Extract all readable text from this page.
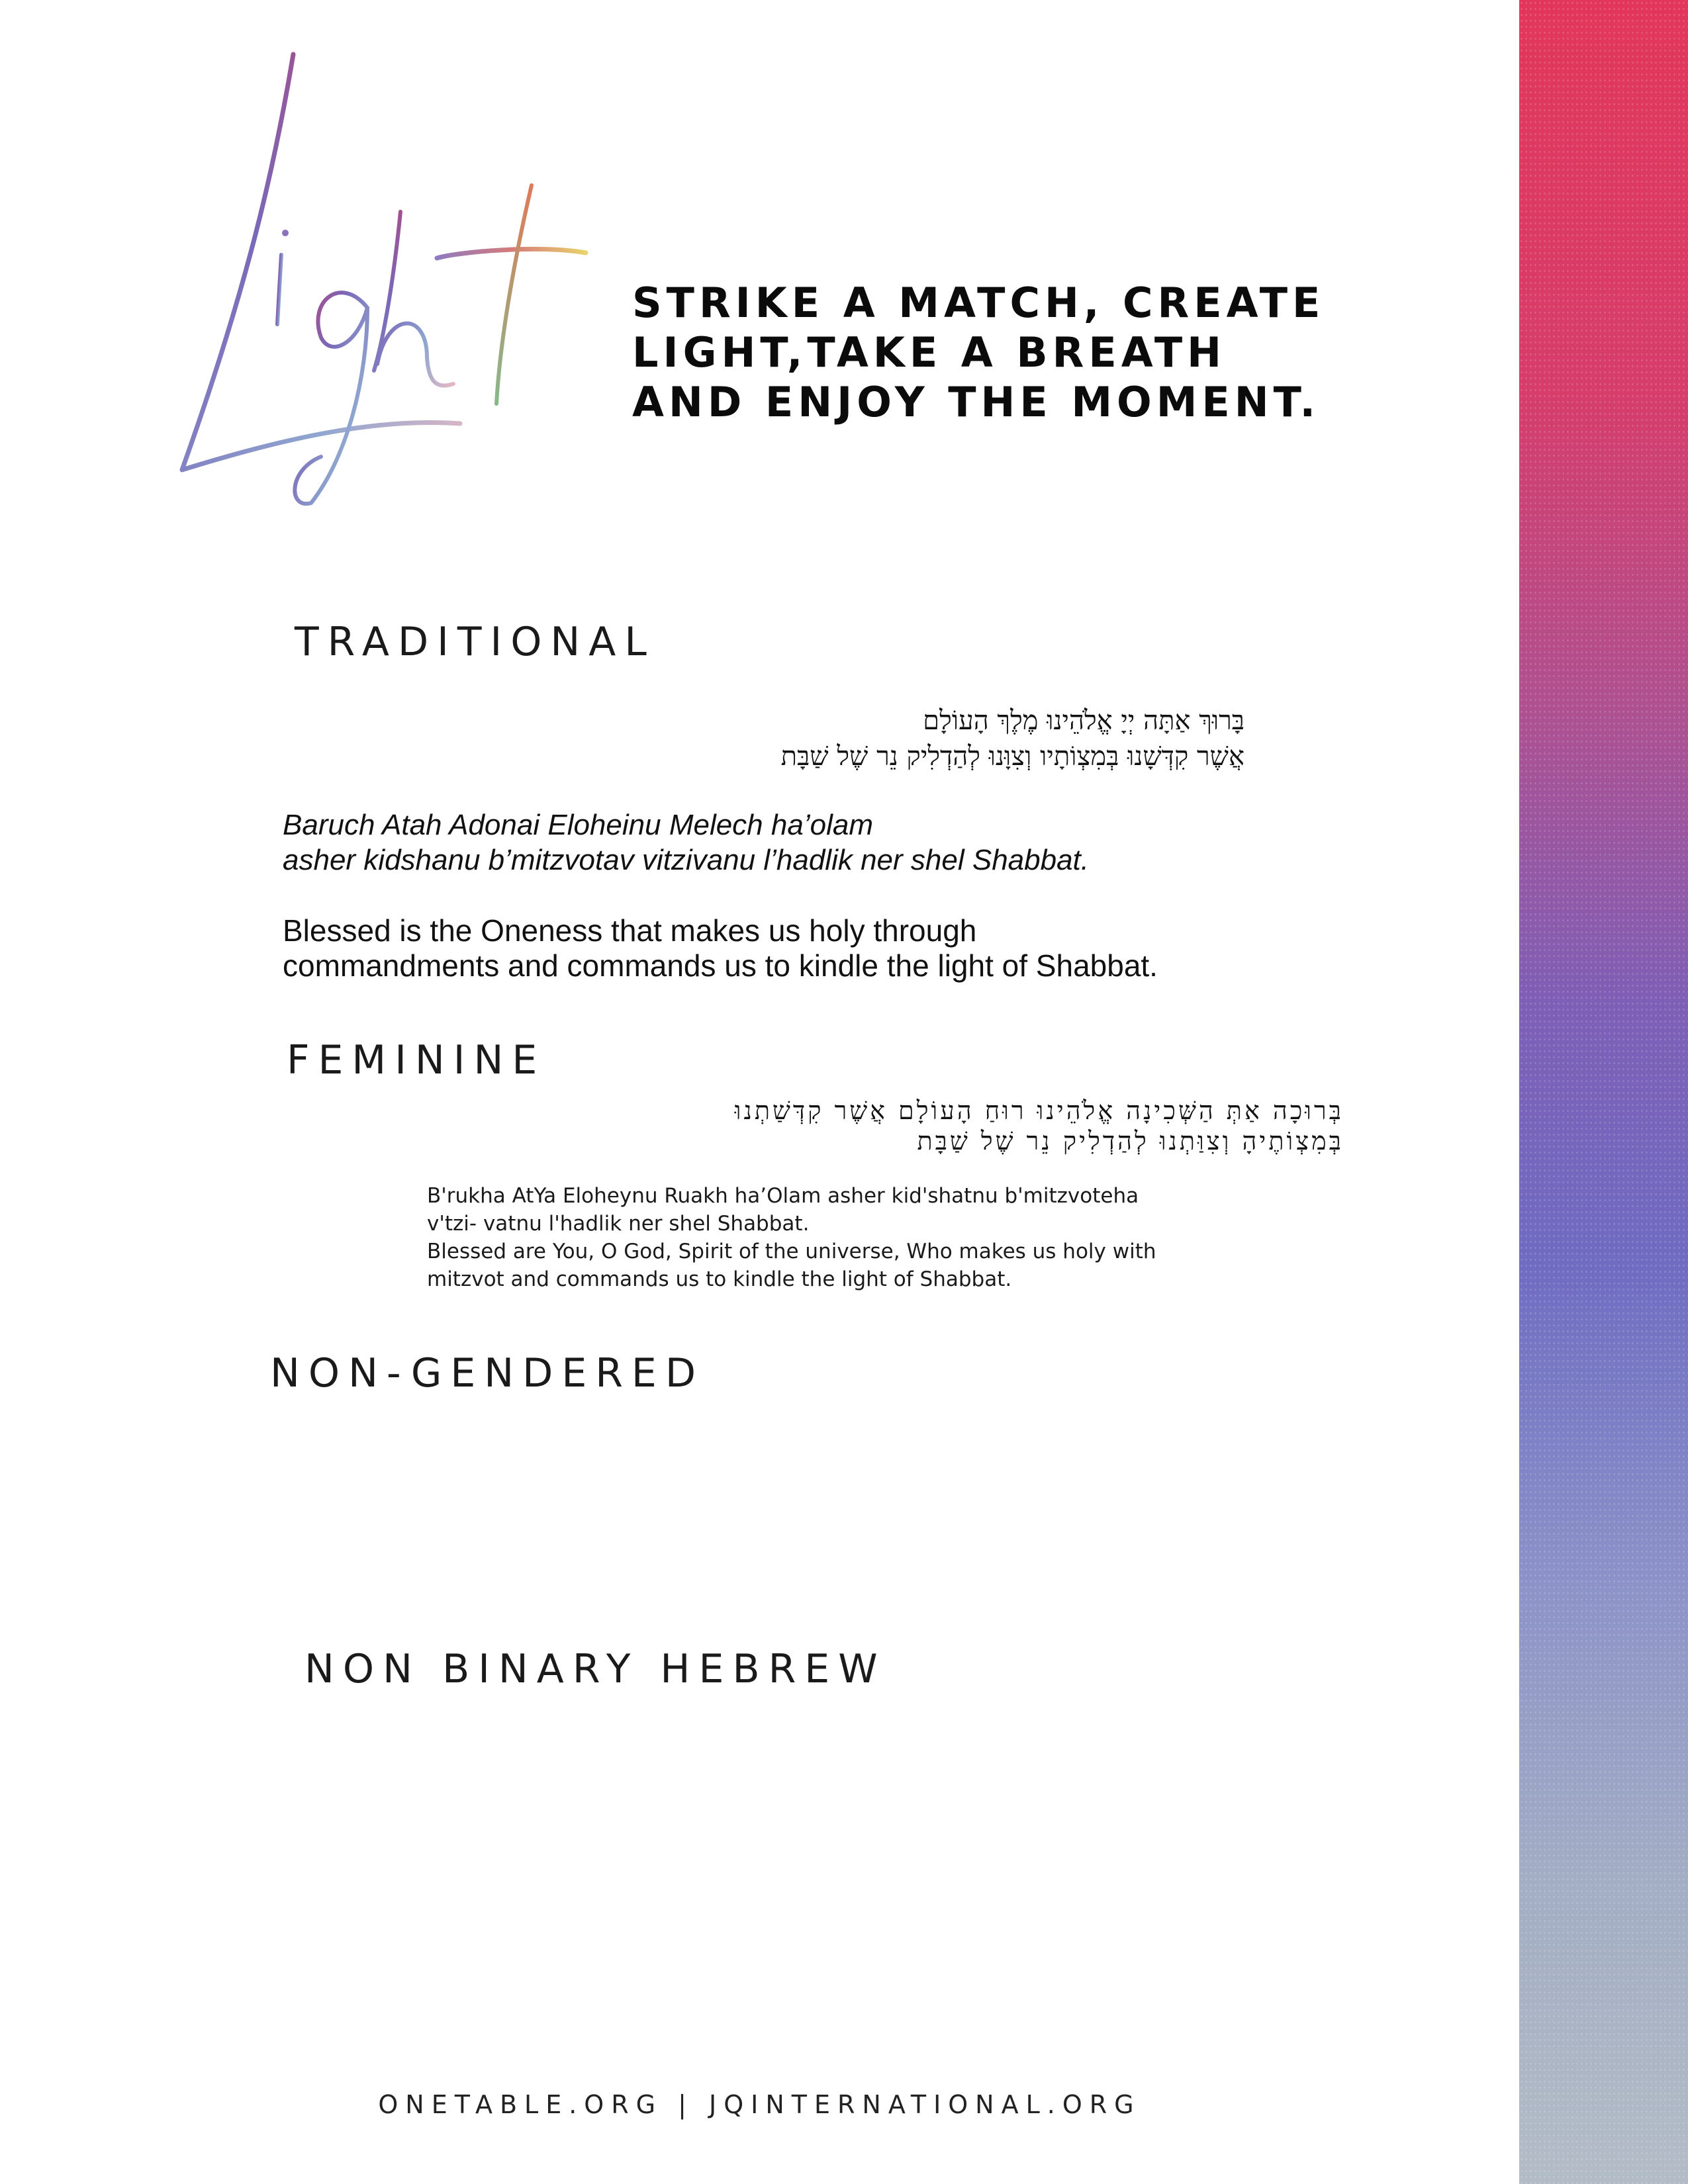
STRIKE A MATCH, CREATE
LIGHT,TAKE A BREATH
AND ENJOY THE MOMENT.
TRADITIONAL
בָּרוּךְ אַתָּה יְיָ אֱלֹהֵינוּ מֶלֶךְ הָעוֹלָם
אֲשֶׁר קִדְּשָׁנוּ בְּמִצְוֹתָיו וְצִוָּנוּ לְהַדְלִיק נֵר שֶׁל שַׁבָּת
Baruch Atah Adonai Eloheinu Melech ha’olam
asher kidshanu b’mitzvotav vitzivanu l’hadlik ner shel Shabbat.
Blessed is the Oneness that makes us holy through
commandments and commands us to kindle the light of Shabbat.
FEMININE
בְּרוּכָה אַתְּ הַשְּׁכִינָה אֱלֹהֵינוּ רוּחַ הָעוֹלָם אֲשֶׁר קִדְּשַׁתְנוּ
בְּמִצְוֹתֶיהָ וְצִוַּתְנוּ לְהַדְלִיק נֵר שֶׁל שַׁבָּת
B'rukha AtYa Eloheynu Ruakh ha’Olam asher kid'shatnu b'mitzvoteha
v'tzi- vatnu l'hadlik ner shel Shabbat.
Blessed are You, O God, Spirit of the universe, Who makes us holy with
mitzvot and commands us to kindle the light of Shabbat.
NON-GENDERED
NON BINARY HEBREW
ONETABLE.ORG | JQINTERNATIONAL.ORG
